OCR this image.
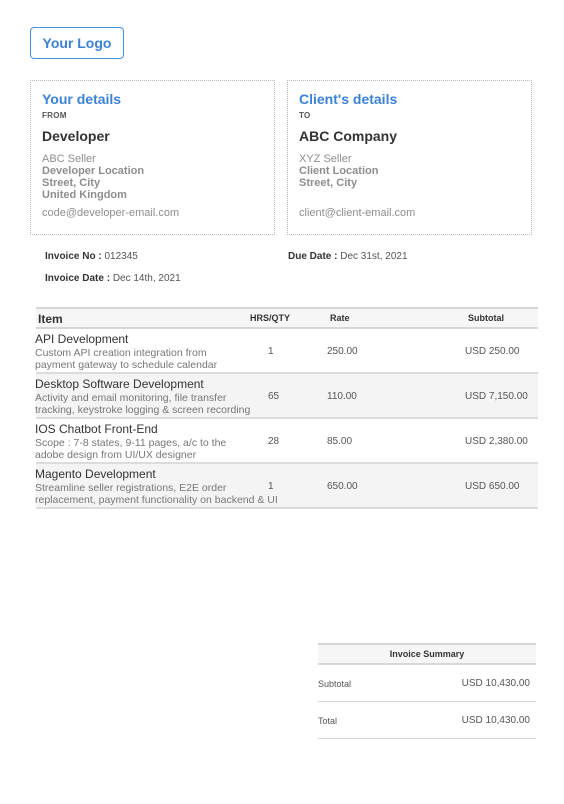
Your Logo
Your details
FROM
Developer
ABC Seller
Developer Location
Street, City
United Kingdom
code@developer-email.com
Client's details
TO
ABC Company
XYZ Seller
Client Location
Street, City
client@client-email.com
Invoice No : 012345	Due Date : Dec 31st, 2021
Invoice Date : Dec 14th, 2021
Item	HRS/QTY	Rate	Subtotal
API Development
Custom API creation integration from
payment gateway to schedule calendar
1	250.00	USD 250.00
Desktop Software Development
Activity and email monitoring, file transfer
tracking, keystroke logging & screen recording
65	110.00	USD 7,150.00
IOS Chatbot Front-End
Scope : 7-8 states, 9-11 pages, a/c to the
adobe design from UI/UX designer
28	85.00	USD 2,380.00
Magento Development
Streamline seller registrations, E2E order
replacement, payment functionality on backend & UI
1	650.00	USD 650.00
Invoice Summary
Subtotal	USD 10,430.00
Total	USD 10,430.00
